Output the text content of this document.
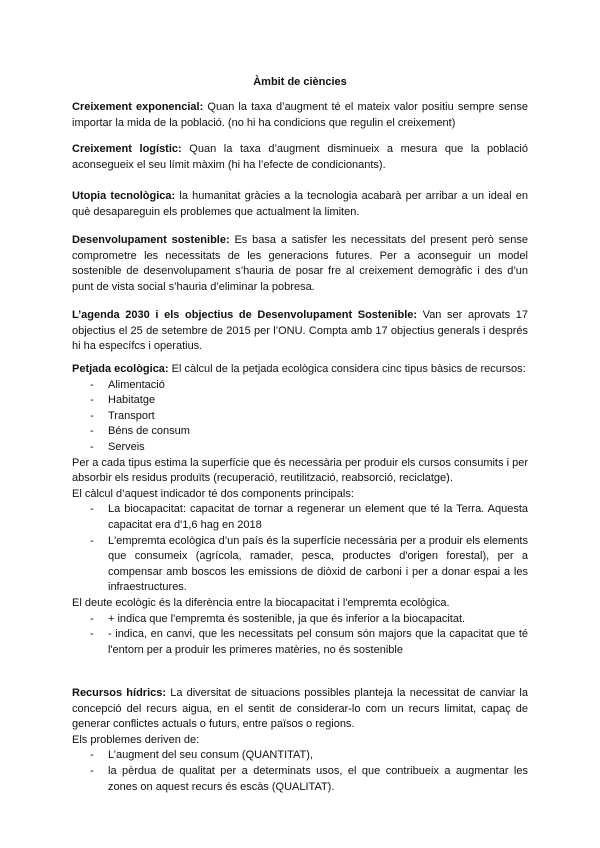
Àmbit de ciències
Creixement exponencial: Quan la taxa d’augment té el mateix valor positiu sempre sense importar la mida de la població. (no hi ha condicions que regulin el creixement)
Creixement logístic: Quan la taxa d’augment disminueix a mesura que la població aconsegueix el seu límit màxim (hi ha l’efecte de condicionants).
Utopia tecnològica: la humanitat gràcies a la tecnologia acabarà per arribar a un ideal en què desapareguin els problemes que actualment la limiten.
Desenvolupament sostenible: Es basa a satisfer les necessitats del present però sense comprometre les necessitats de les generacions futures. Per a aconseguir un model sostenible de desenvolupament s’hauria de posar fre al creixement demogràfic i des d’un punt de vista social s’hauria d’eliminar la pobresa.
L’agenda 2030 i els objectius de Desenvolupament Sostenible: Van ser aprovats 17 objectius el 25 de setembre de 2015 per l’ONU. Compta amb 17 objectius generals i després hi ha específcs i operatius.
Petjada ecològica: El càlcul de la petjada ecològica considera cinc tipus bàsics de recursos:
- Alimentació
- Habitatge
- Transport
- Béns de consum
- Serveis
Per a cada tipus estima la superfície que és necessària per produir els cursos consumits i per absorbir els residus produïts (recuperació, reutilització, reabsorció, reciclatge).
El càlcul d’aquest indicador té dos components principals:
- La biocapacitat: capacitat de tornar a regenerar un element que té la Terra. Aquesta capacitat era d'1,6 hag en 2018
- L'empremta ecològica d’un país és la superfície necessària per a produir els elements que consumeix (agrícola, ramader, pesca, productes d'origen forestal), per a compensar amb boscos les emissions de diòxid de carboni i per a donar espai a les infraestructures.
El deute ecològic és la diferència entre la biocapacitat i l'empremta ecològica.
- + indica que l'empremta és sostenible, ja que és inferior a la biocapacitat.
- - indica, en canvi, que les necessitats pel consum són majors que la capacitat que té l'entorn per a produir les primeres matèries, no és sostenible
Recursos hídrics: La diversitat de situacions possibles planteja la necessitat de canviar la concepció del recurs aigua, en el sentit de considerar-lo com un recurs limitat, capaç de generar conflictes actuals o futurs, entre països o regions.
Els problemes deriven de:
- L’augment del seu consum (QUANTITAT),
- la pèrdua de qualitat per a determinats usos, el que contribueix a augmentar les zones on aquest recurs és escàs (QUALITAT).
